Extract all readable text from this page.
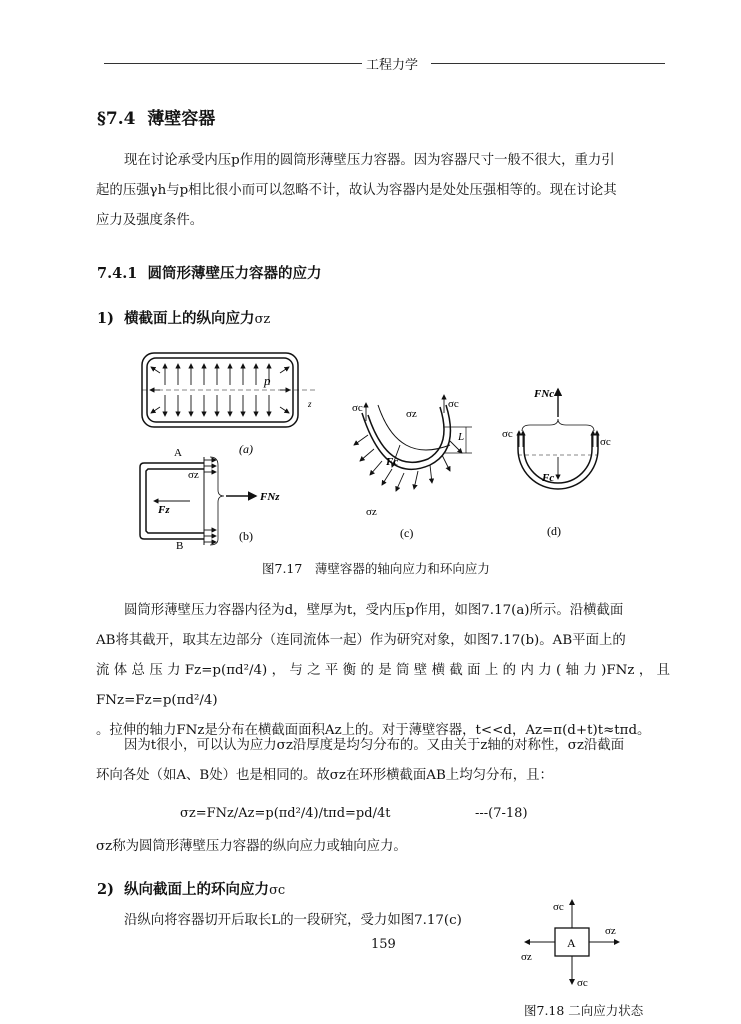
工程力学
§7.4 薄壁容器
现在讨论承受内压p作用的圆筒形薄壁压力容器。因为容器尺寸一般不很大，重力引
起的压强γh与p相比很小而可以忽略不计，故认为容器内是处处压强相等的。现在讨论其
应力及强度条件。
7.4.1 圆筒形薄壁压力容器的应力
1) 横截面上的纵向应力σz
p
z
(a)
A
B
σz
FNz
Fz
(b)
L
σc	σc
σz
Fc
σz
(c)
FNc
σc
σc
Fc
(d)
图7.17　薄壁容器的轴向应力和环向应力
圆筒形薄壁压力容器内径为d，壁厚为t，受内压p作用，如图7.17(a)所示。沿横截面
AB将其截开，取其左边部分（连同流体一起）作为研究对象，如图7.17(b)。AB平面上的
流体总压力Fz=p(πd²/4)，与之平衡的是筒壁横截面上的内力(轴力)FNz，且FNz=Fz=p(πd²/4)
。拉伸的轴力FNz是分布在横截面面积Az上的。对于薄壁容器，t<<d，Az=π(d+t)t≈tπd。
因为t很小，可以认为应力σz沿厚度是均匀分布的。又由关于z轴的对称性，σz沿截面
环向各处（如A、B处）也是相同的。故σz在环形横截面AB上均匀分布，且：
σz=FNz/Az=p(πd²/4)/tπd=pd/4t	---(7-18)
σz称为圆筒形薄壁压力容器的纵向应力或轴向应力。
2) 纵向截面上的环向应力σc
沿纵向将容器切开后取长L的一段研究，受力如图7.17(c)
159	A
σc
σc
σz
σz
图7.18 二向应力状态
